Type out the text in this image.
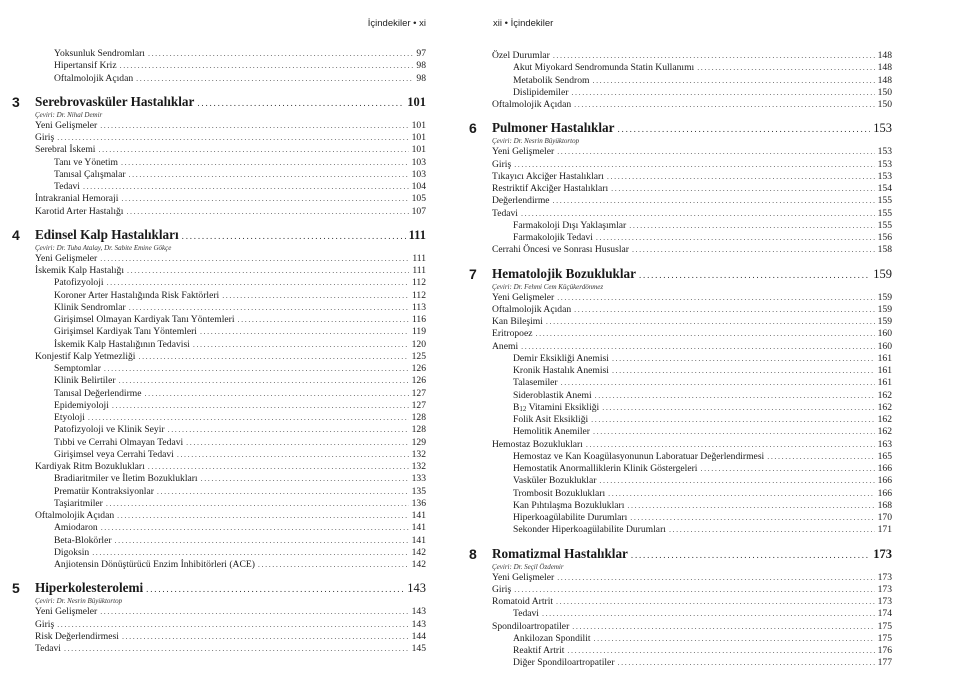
İçindekiler • xi
Yoksunluk Sendromları .....	97
Hipertansif Kriz .....	98
Oftalmolojik Açıdan .....	98
3 Serebrovasküler Hastalıklar .....	101
Çeviri: Dr. Nihal Demir
Yeni Gelişmeler .....	101
Giriş .....	101
Serebral İskemi .....	101
Tanı ve Yönetim .....	103
Tanısal Çalışmalar .....	103
Tedavi .....	104
İntrakranial Hemoraji .....	105
Karotid Arter Hastalığı .....	107
4 Edinsel Kalp Hastalıkları .....	111
Çeviri: Dr. Tuba Atalay, Dr. Sabite Emine Gökçe
Yeni Gelişmeler .....	111
İskemik Kalp Hastalığı .....	111
Patofizyoloji .....	112
Koroner Arter Hastalığında Risk Faktörleri .....	112
Klinik Sendromlar .....	113
Girişimsel Olmayan Kardiyak Tanı Yöntemleri .....	116
Girişimsel Kardiyak Tanı Yöntemleri .....	119
İskemik Kalp Hastalığının Tedavisi .....	120
Konjestif Kalp Yetmezliği .....	125
Semptomlar .....	126
Klinik Belirtiler .....	126
Tanısal Değerlendirme .....	127
Epidemiyoloji .....	127
Etyoloji .....	128
Patofizyoloji ve Klinik Seyir .....	128
Tıbbi ve Cerrahi Olmayan Tedavi .....	129
Girişimsel veya Cerrahi Tedavi .....	132
Kardiyak Ritm Bozuklukları .....	132
Bradiaritmiler ve İletim Bozuklukları .....	133
Prematür Kontraksiyonlar .....	135
Taşiaritmiler .....	136
Oftalmolojik Açıdan .....	141
Amiodaron .....	141
Beta-Blokörler .....	141
Digoksin .....	142
Anjiotensin Dönüştürücü Enzim İnhibitörleri (ACE) .....	142
5 Hiperkolesterolemi .....	143
Çeviri: Dr. Nesrin Büyüktortop
Yeni Gelişmeler .....	143
Giriş .....	143
Risk Değerlendirmesi .....	144
Tedavi .....	145
xii • İçindekiler
Özel Durumlar .....	148
Akut Miyokard Sendromunda Statin Kullanımı .....	148
Metabolik Sendrom .....	148
Dislipidemiler .....	150
Oftalmolojik Açıdan .....	150
6 Pulmoner Hastalıklar .....	153
Çeviri: Dr. Nesrin Büyüktortop
Yeni Gelişmeler .....	153
Giriş .....	153
Tıkayıcı Akciğer Hastalıkları .....	153
Restriktif Akciğer Hastalıkları .....	154
Değerlendirme .....	155
Tedavi .....	155
Farmakoloji Dışı Yaklaşımlar .....	155
Farmakolojik Tedavi .....	156
Cerrahi Öncesi ve Sonrası Hususlar .....	158
7 Hematolojik Bozukluklar .....	159
Çeviri: Dr. Fehmi Cem Küçükerdönmez
Yeni Gelişmeler .....	159
Oftalmolojik Açıdan .....	159
Kan Bileşimi .....	159
Eritropoez .....	160
Anemi .....	160
Demir Eksikliği Anemisi .....	161
Kronik Hastalık Anemisi .....	161
Talasemiler .....	161
Sideroblastik Anemi .....	162
B12 Vitamini Eksikliği .....	162
Folik Asit Eksikliği .....	162
Hemolitik Anemiler .....	162
Hemostaz Bozuklukları .....	163
Hemostaz ve Kan Koagülasyonunun Laboratuar Değerlendirmesi .....	165
Hemostatik Anormalliklerin Klinik Göstergeleri .....	166
Vasküler Bozukluklar .....	166
Trombosit Bozuklukları .....	166
Kan Pıhtılaşma Bozuklukları .....	168
Hiperkoagülabilite Durumları .....	170
Sekonder Hiperkoagülabilite Durumları .....	171
8 Romatizmal Hastalıklar .....	173
Çeviri: Dr. Seçil Özdemir
Yeni Gelişmeler .....	173
Giriş .....	173
Romatoid Artrit .....	173
Tedavi .....	174
Spondiloartropatiler .....	175
Ankilozan Spondilit .....	175
Reaktif Artrit .....	176
Diğer Spondiloartropatiler .....	177
